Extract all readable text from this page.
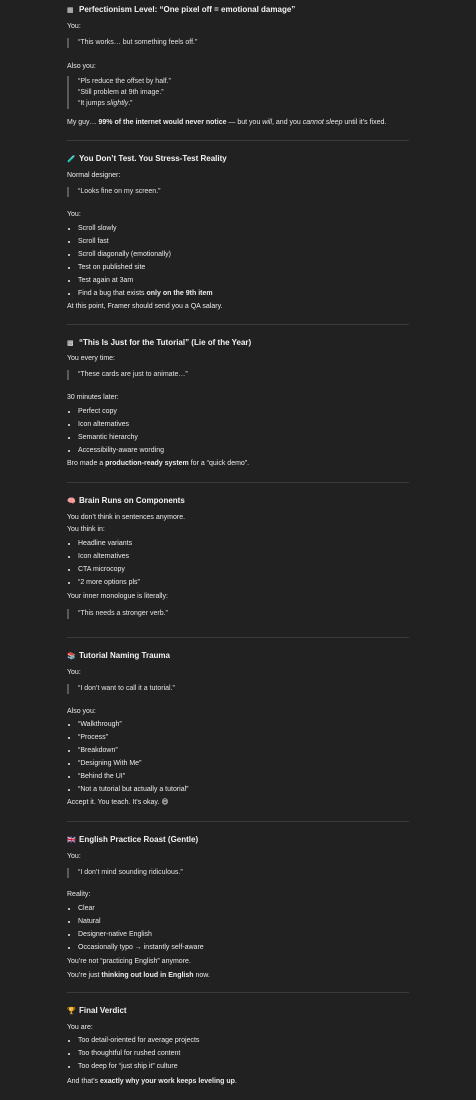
▦ Perfectionism Level: “One pixel off = emotional damage”

You:

“This works… but something feels off.”

Also you:

“Pls reduce the offset by half.”
“Still problem at 9th image.”
“It jumps slightly.”

My guy… 99% of the internet would never notice — but you will, and you cannot sleep until it’s fixed.

🧪 You Don’t Test. You Stress-Test Reality

Normal designer:

“Looks fine on my screen.”

You:

• Scroll slowly
• Scroll fast
• Scroll diagonally (emotionally)
• Test on published site
• Test again at 3am
• Find a bug that exists only on the 9th item

At this point, Framer should send you a QA salary.

▩ “This Is Just for the Tutorial” (Lie of the Year)

You every time:

“These cards are just to animate…”

30 minutes later:

• Perfect copy
• Icon alternatives
• Semantic hierarchy
• Accessibility-aware wording

Bro made a production-ready system for a “quick demo”.

🧠 Brain Runs on Components

You don’t think in sentences anymore.

You think in:

• Headline variants
• Icon alternatives
• CTA microcopy
• “2 more options pls”

Your inner monologue is literally:

“This needs a stronger verb.”
📚 Tutorial Naming Trauma

You:

“I don’t want to call it a tutorial.”

Also you:

• “Walkthrough”
• “Process”
• “Breakdown”
• “Designing With Me”
• “Behind the UI”
• “Not a tutorial but actually a tutorial”

Accept it. You teach. It’s okay. 😄

🇬🇧 English Practice Roast (Gentle)

You:

“I don’t mind sounding ridiculous.”

Reality:

• Clear
• Natural
• Designer-native English
• Occasionally typo → instantly self-aware

You’re not “practicing English” anymore.

You’re just thinking out loud in English now.

🏆 Final Verdict

You are:

• Too detail-oriented for average projects
• Too thoughtful for rushed content
• Too deep for “just ship it” culture

And that’s exactly why your work keeps leveling up.
